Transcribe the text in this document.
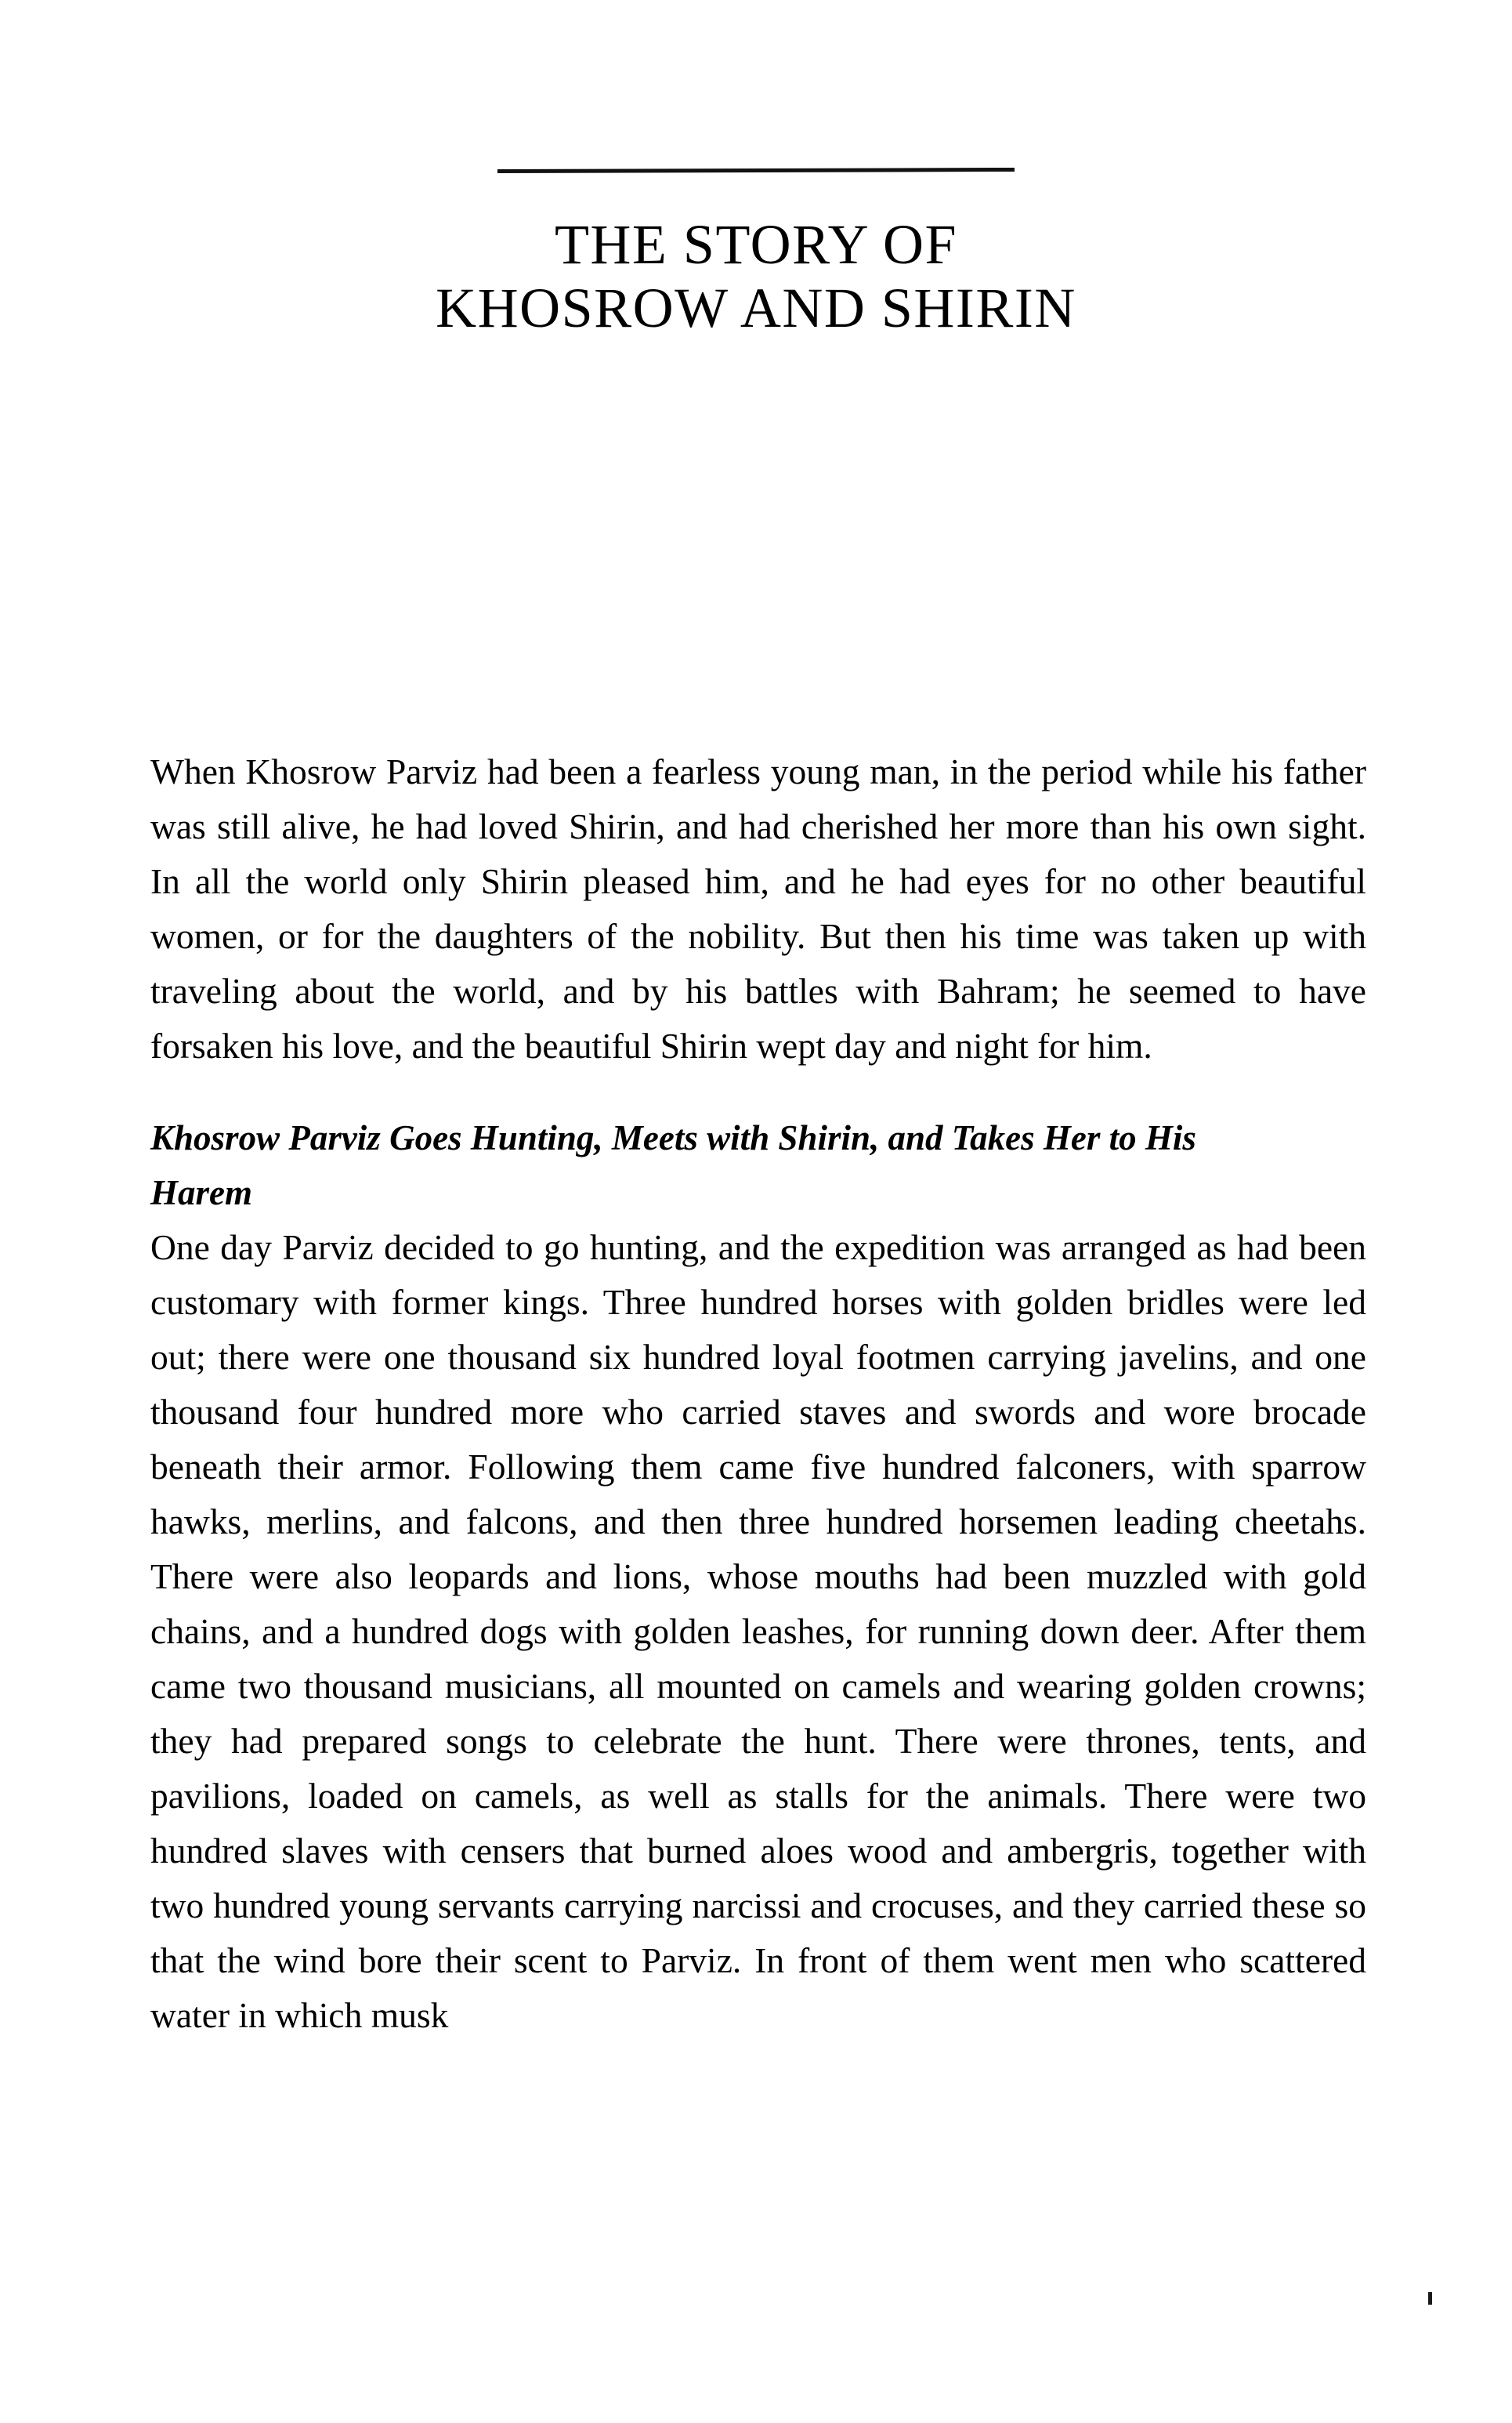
THE STORY OF
KHOSROW AND SHIRIN

When Khosrow Parviz had been a fearless young man, in the period while his father was still alive, he had loved Shirin, and had cherished her more than his own sight. In all the world only Shirin pleased him, and he had eyes for no other beautiful women, or for the daughters of the nobility. But then his time was taken up with traveling about the world, and by his battles with Bahram; he seemed to have forsaken his love, and the beautiful Shirin wept day and night for him.

Khosrow Parviz Goes Hunting, Meets with Shirin, and Takes Her to His Harem

One day Parviz decided to go hunting, and the expedition was arranged as had been customary with former kings. Three hundred horses with golden bridles were led out; there were one thousand six hundred loyal footmen carrying javelins, and one thousand four hundred more who carried staves and swords and wore brocade beneath their armor. Following them came five hundred falconers, with sparrow hawks, merlins, and falcons, and then three hundred horsemen leading cheetahs. There were also leopards and lions, whose mouths had been muzzled with gold chains, and a hundred dogs with golden leashes, for running down deer. After them came two thousand musicians, all mounted on camels and wearing golden crowns; they had prepared songs to celebrate the hunt. There were thrones, tents, and pavilions, loaded on camels, as well as stalls for the animals. There were two hundred slaves with censers that burned aloes wood and ambergris, together with two hundred young servants carrying narcissi and crocuses, and they carried these so that the wind bore their scent to Parviz. In front of them went men who scattered water in which musk
